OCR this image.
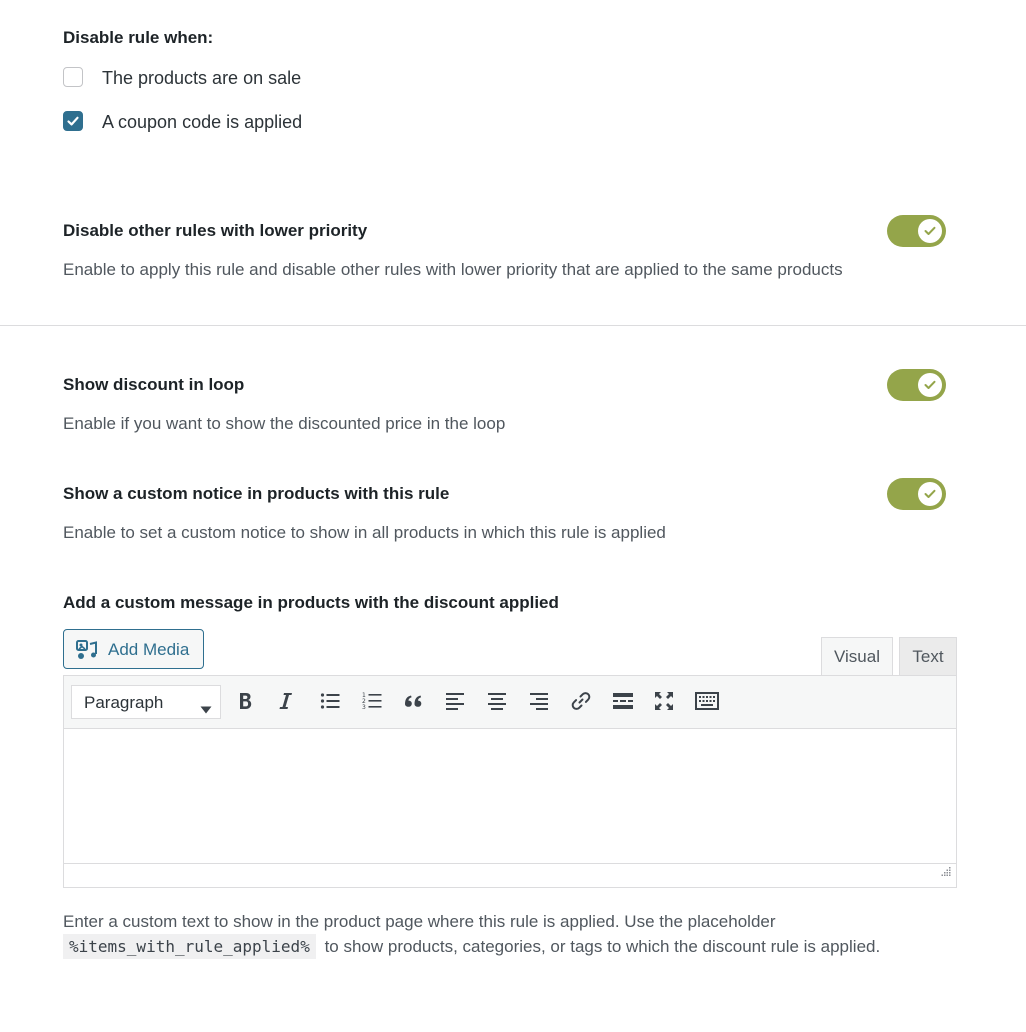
Disable rule when:
The products are on sale
A coupon code is applied
Disable other rules with lower priority
Enable to apply this rule and disable other rules with lower priority that are applied to the same products
Show discount in loop
Enable if you want to show the discounted price in the loop
Show a custom notice in products with this rule
Enable to set a custom notice to show in all products in which this rule is applied
Add a custom message in products with the discount applied
Add Media	Visual	Text
Paragraph	1
2
3
Enter a custom text to show in the product page where this rule is applied. Use the placeholder
%items_with_rule_applied% to show products, categories, or tags to which the discount rule is applied.
